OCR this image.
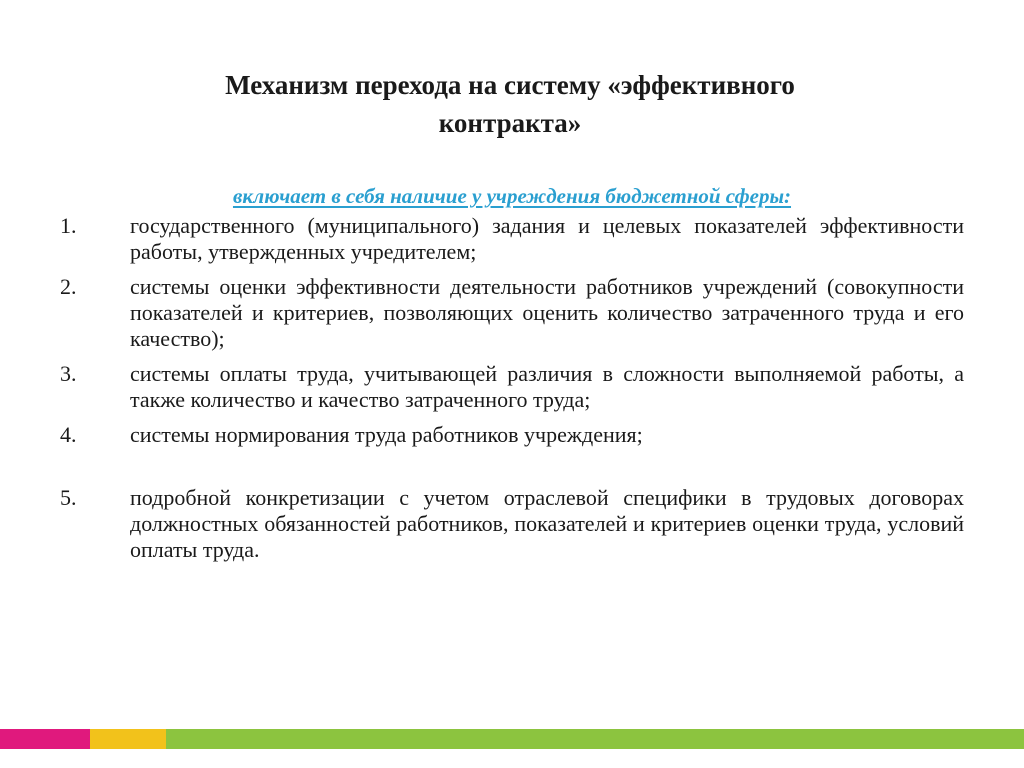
Механизм перехода на систему «эффективного
контракта»

включает в себя наличие у учреждения бюджетной сферы:

1.	государственного (муниципального) задания и целевых показателей эффективности работы, утвержденных учредителем;
2.	системы оценки эффективности деятельности работников учреждений (совокупности показателей и критериев, позволяющих оценить количество затраченного труда и его качество);
3.	системы оплаты труда, учитывающей различия в сложности выполняемой работы, а также количество и качество затраченного труда;
4.	системы нормирования труда работников учреждения;
5.	подробной конкретизации с учетом отраслевой специфики в трудовых договорах должностных обязанностей работников, показателей и критериев оценки труда, условий оплаты труда.
